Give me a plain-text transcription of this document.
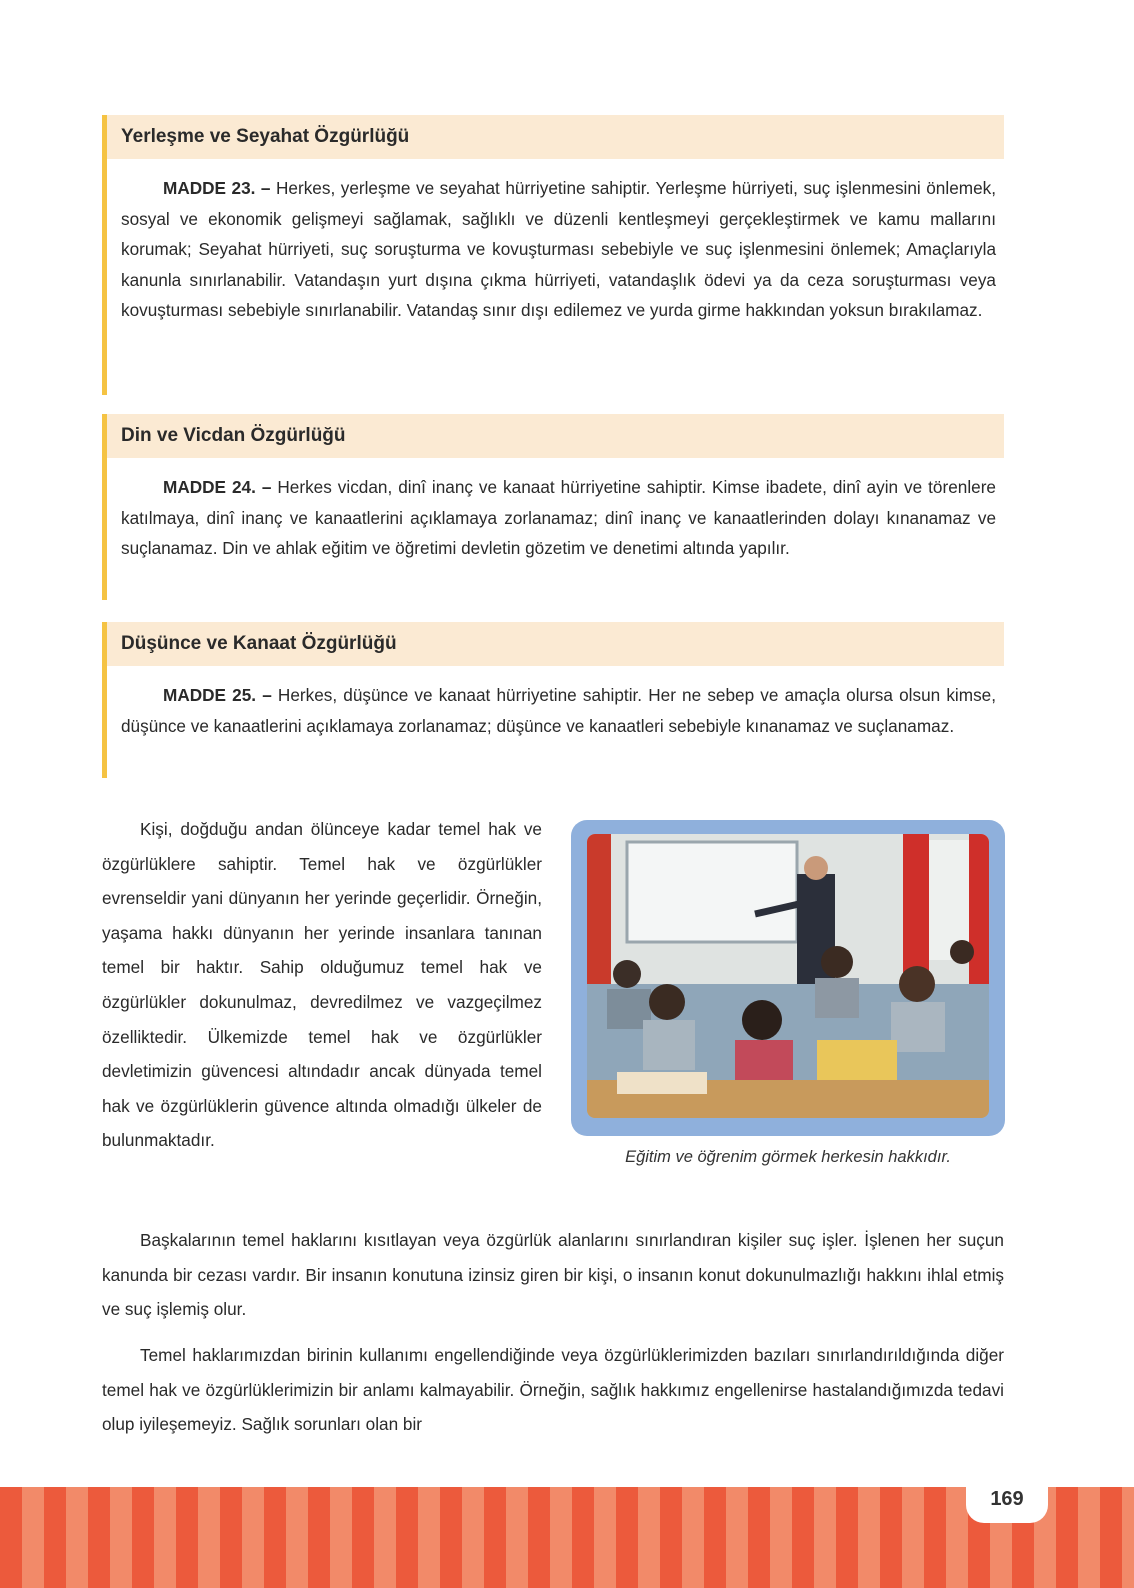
Yerleşme ve Seyahat Özgürlüğü
MADDE 23. – Herkes, yerleşme ve seyahat hürriyetine sahiptir. Yerleşme hürriyeti, suç işlenmesini önlemek, sosyal ve ekonomik gelişmeyi sağlamak, sağlıklı ve düzenli kentleşmeyi gerçekleştirmek ve kamu mallarını korumak; Seyahat hürriyeti, suç soruşturma ve kovuşturması sebebiyle ve suç işlenmesini önlemek; Amaçlarıyla kanunla sınırlanabilir. Vatandaşın yurt dışına çıkma hürriyeti, vatandaşlık ödevi ya da ceza soruşturması veya kovuşturması sebebiyle sınırlanabilir. Vatandaş sınır dışı edilemez ve yurda girme hakkından yoksun bırakılamaz.
Din ve Vicdan Özgürlüğü
MADDE 24. – Herkes vicdan, dinî inanç ve kanaat hürriyetine sahiptir. Kimse ibadete, dinî ayin ve törenlere katılmaya, dinî inanç ve kanaatlerini açıklamaya zorlanamaz; dinî inanç ve kanaatlerinden dolayı kınanamaz ve suçlanamaz. Din ve ahlak eğitim ve öğretimi devletin gözetim ve denetimi altında yapılır.
Düşünce ve Kanaat Özgürlüğü
MADDE 25. – Herkes, düşünce ve kanaat hürriyetine sahiptir. Her ne sebep ve amaçla olursa olsun kimse, düşünce ve kanaatlerini açıklamaya zorlanamaz; düşünce ve kanaatleri sebebiyle kınanamaz ve suçlanamaz.
Kişi, doğduğu andan ölünceye kadar temel hak ve özgürlüklere sahiptir. Temel hak ve özgürlükler evrenseldir yani dünyanın her yerinde geçerlidir. Örneğin, yaşama hakkı dünyanın her yerinde insanlara tanınan temel bir haktır. Sahip olduğumuz temel hak ve özgürlükler dokunulmaz, devredilmez ve vazgeçilmez özelliktedir. Ülkemizde temel hak ve özgürlükler devletimizin güvencesi altındadır ancak dünyada temel hak ve özgürlüklerin güvence altında olmadığı ülkeler de bulunmaktadır.
Eğitim ve öğrenim görmek herkesin hakkıdır.
Başkalarının temel haklarını kısıtlayan veya özgürlük alanlarını sınırlandıran kişiler suç işler. İşlenen her suçun kanunda bir cezası vardır. Bir insanın konutuna izinsiz giren bir kişi, o insanın konut dokunulmazlığı hakkını ihlal etmiş ve suç işlemiş olur.
Temel haklarımızdan birinin kullanımı engellendiğinde veya özgürlüklerimizden bazıları sınırlandırıldığında diğer temel hak ve özgürlüklerimizin bir anlamı kalmayabilir. Örneğin, sağlık hakkımız engellenirse hastalandığımızda tedavi olup iyileşemeyiz. Sağlık sorunları olan bir
169
